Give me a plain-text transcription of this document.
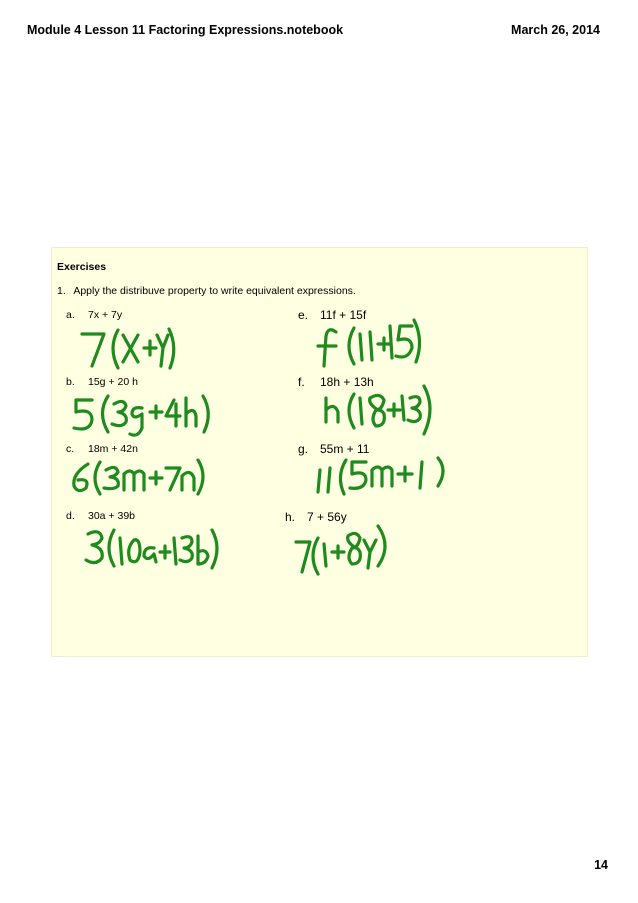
Module 4 Lesson 11 Factoring Expressions.notebook	March 26, 2014
Exercises
1. Apply the distribuve property to write equivalent expressions.
a. 7x + 7y
b. 15g + 20 h
c. 18m + 42n
d. 30a + 39b
e. 11f + 15f
f. 18h + 13h
g. 55m + 11
h. 7 + 56y
14
